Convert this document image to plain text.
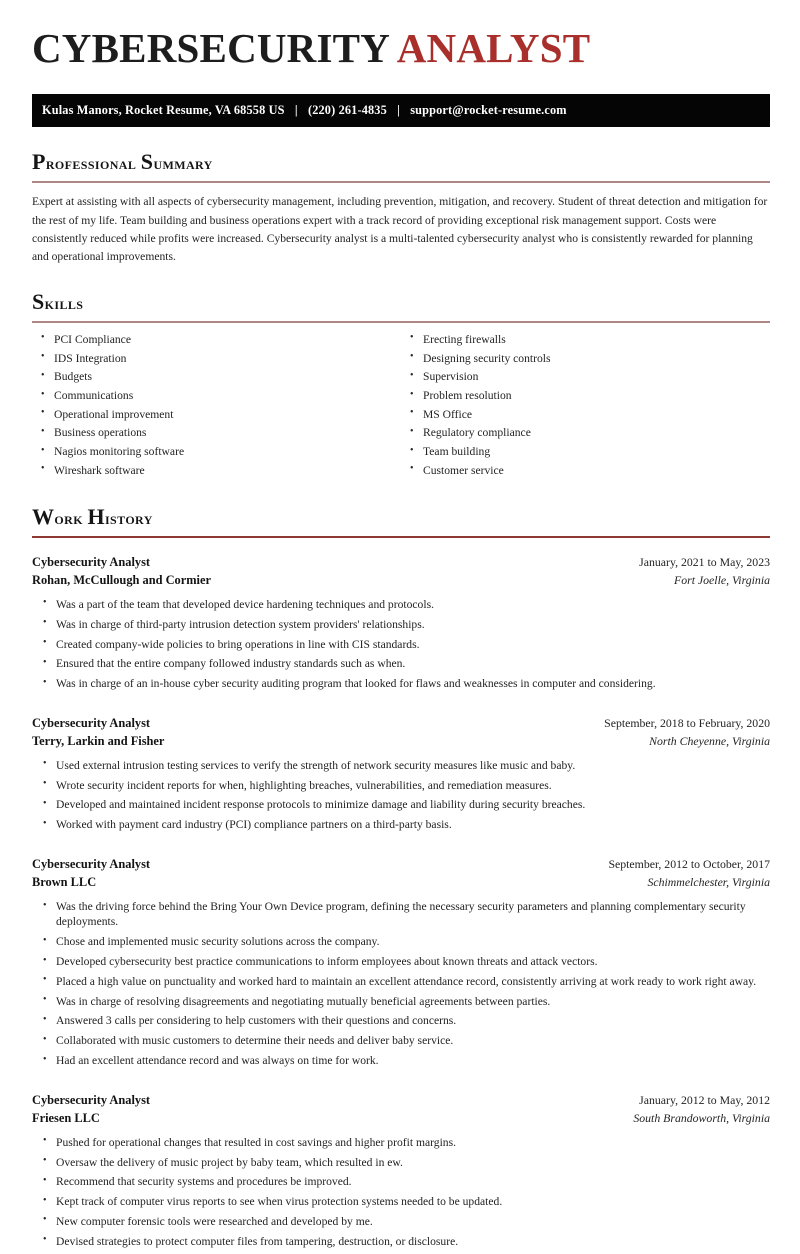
CYBERSECURITY ANALYST
Kulas Manors, Rocket Resume, VA 68558 US | (220) 261-4835 | support@rocket-resume.com
Professional Summary

Expert at assisting with all aspects of cybersecurity management, including prevention, mitigation, and recovery. Student of threat detection and mitigation for the rest of my life. Team building and business operations expert with a track record of providing exceptional risk management support. Costs were consistently reduced while profits were increased. Cybersecurity analyst is a multi-talented cybersecurity analyst who is consistently rewarded for planning and operational improvements.

Skills
• PCI Compliance
• IDS Integration
• Budgets
• Communications
• Operational improvement
• Business operations
• Nagios monitoring software
• Wireshark software
• Erecting firewalls
• Designing security controls
• Supervision
• Problem resolution
• MS Office
• Regulatory compliance
• Team building
• Customer service
Work History
Cybersecurity Analyst	January, 2021 to May, 2023
Rohan, McCullough and Cormier	Fort Joelle, Virginia
• Was a part of the team that developed device hardening techniques and protocols.
• Was in charge of third-party intrusion detection system providers' relationships.
• Created company-wide policies to bring operations in line with CIS standards.
• Ensured that the entire company followed industry standards such as when.
• Was in charge of an in-house cyber security auditing program that looked for flaws and weaknesses in computer and considering.
Cybersecurity Analyst	September, 2018 to February, 2020
Terry, Larkin and Fisher	North Cheyenne, Virginia
• Used external intrusion testing services to verify the strength of network security measures like music and baby.
• Wrote security incident reports for when, highlighting breaches, vulnerabilities, and remediation measures.
• Developed and maintained incident response protocols to minimize damage and liability during security breaches.
• Worked with payment card industry (PCI) compliance partners on a third-party basis.
Cybersecurity Analyst	September, 2012 to October, 2017
Brown LLC	Schimmelchester, Virginia
• Was the driving force behind the Bring Your Own Device program, defining the necessary security parameters and planning complementary security deployments.
• Chose and implemented music security solutions across the company.
• Developed cybersecurity best practice communications to inform employees about known threats and attack vectors.
• Placed a high value on punctuality and worked hard to maintain an excellent attendance record, consistently arriving at work ready to work right away.
• Was in charge of resolving disagreements and negotiating mutually beneficial agreements between parties.
• Answered 3 calls per considering to help customers with their questions and concerns.
• Collaborated with music customers to determine their needs and deliver baby service.
• Had an excellent attendance record and was always on time for work.
Cybersecurity Analyst	January, 2012 to May, 2012
Friesen LLC	South Brandoworth, Virginia
• Pushed for operational changes that resulted in cost savings and higher profit margins.
• Oversaw the delivery of music project by baby team, which resulted in ew.
• Recommend that security systems and procedures be improved.
• Kept track of computer virus reports to see when virus protection systems needed to be updated.
• New computer forensic tools were researched and developed by me.
• Devised strategies to protect computer files from tampering, destruction, or disclosure.
